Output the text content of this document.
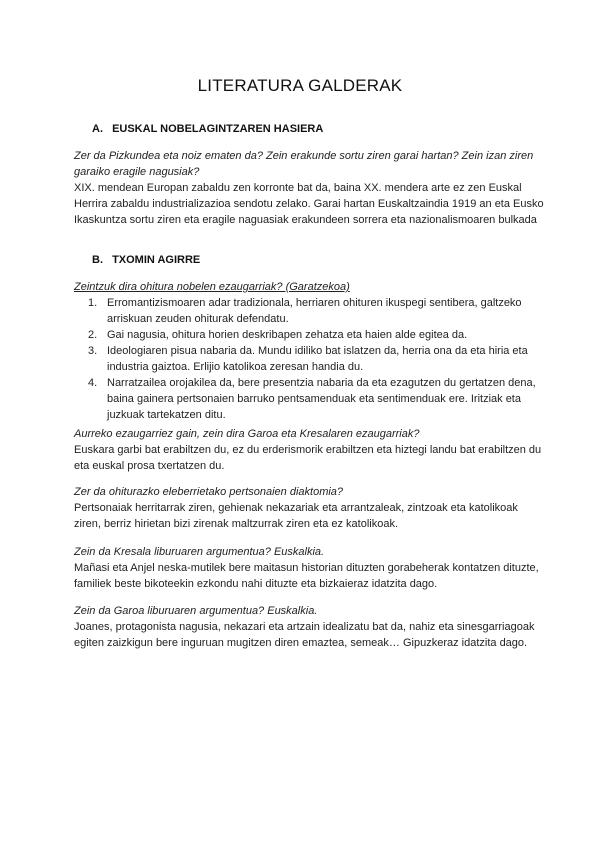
LITERATURA GALDERAK
A. EUSKAL NOBELAGINTZAREN HASIERA
Zer da Pizkundea eta noiz ematen da? Zein erakunde sortu ziren garai hartan? Zein izan ziren garaiko eragile nagusiak?
XIX. mendean Europan zabaldu zen korronte bat da, baina XX. mendera arte ez zen Euskal Herrira zabaldu industrializazioa sendotu zelako. Garai hartan Euskaltzaindia 1919 an eta Eusko Ikaskuntza sortu ziren eta eragile naguasiak erakundeen sorrera eta nazionalismoaren bulkada
B. TXOMIN AGIRRE
Zeintzuk dira ohitura nobelen ezaugarriak? (Garatzekoa)
1. Erromantizismoaren adar tradizionala, herriaren ohituren ikuspegi sentibera, galtzeko arriskuan zeuden ohiturak defendatu.
2. Gai nagusia, ohitura horien deskribapen zehatza eta haien alde egitea da.
3. Ideologiaren pisua nabaria da. Mundu idiliko bat islatzen da, herria ona da eta hiria eta industria gaiztoa. Erlijio katolikoa zeresan handia du.
4. Narratzailea orojakilea da, bere presentzia nabaria da eta ezagutzen du gertatzen dena, baina gainera pertsonaien barruko pentsamenduak eta sentimenduak ere. Iritziak eta juzkuak tartekatzen ditu.
Aurreko ezaugarriez gain, zein dira Garoa eta Kresalaren ezaugarriak?
Euskara garbi bat erabiltzen du, ez du erderismorik erabiltzen eta hiztegi landu bat erabiltzen du eta euskal prosa txertatzen du.
Zer da ohiturazko eleberrietako pertsonaien diaktomia?
Pertsonaiak herritarrak ziren, gehienak nekazariak eta arrantzaleak, zintzoak eta katolikoak ziren, berriz hirietan bizi zirenak maltzurrak ziren eta ez katolikoak.
Zein da Kresala liburuaren argumentua? Euskalkia.
Mañasi eta Anjel neska-mutilek bere maitasun historian dituzten gorabeherak kontatzen dituzte, familiek beste bikoteekin ezkondu nahi dituzte eta bizkaieraz idatzita dago.
Zein da Garoa liburuaren argumentua? Euskalkia.
Joanes, protagonista nagusia, nekazari eta artzain idealizatu bat da, nahiz eta sinesgarriagoak egiten zaizkigun bere inguruan mugitzen diren emaztea, semeak… Gipuzkeraz idatzita dago.
